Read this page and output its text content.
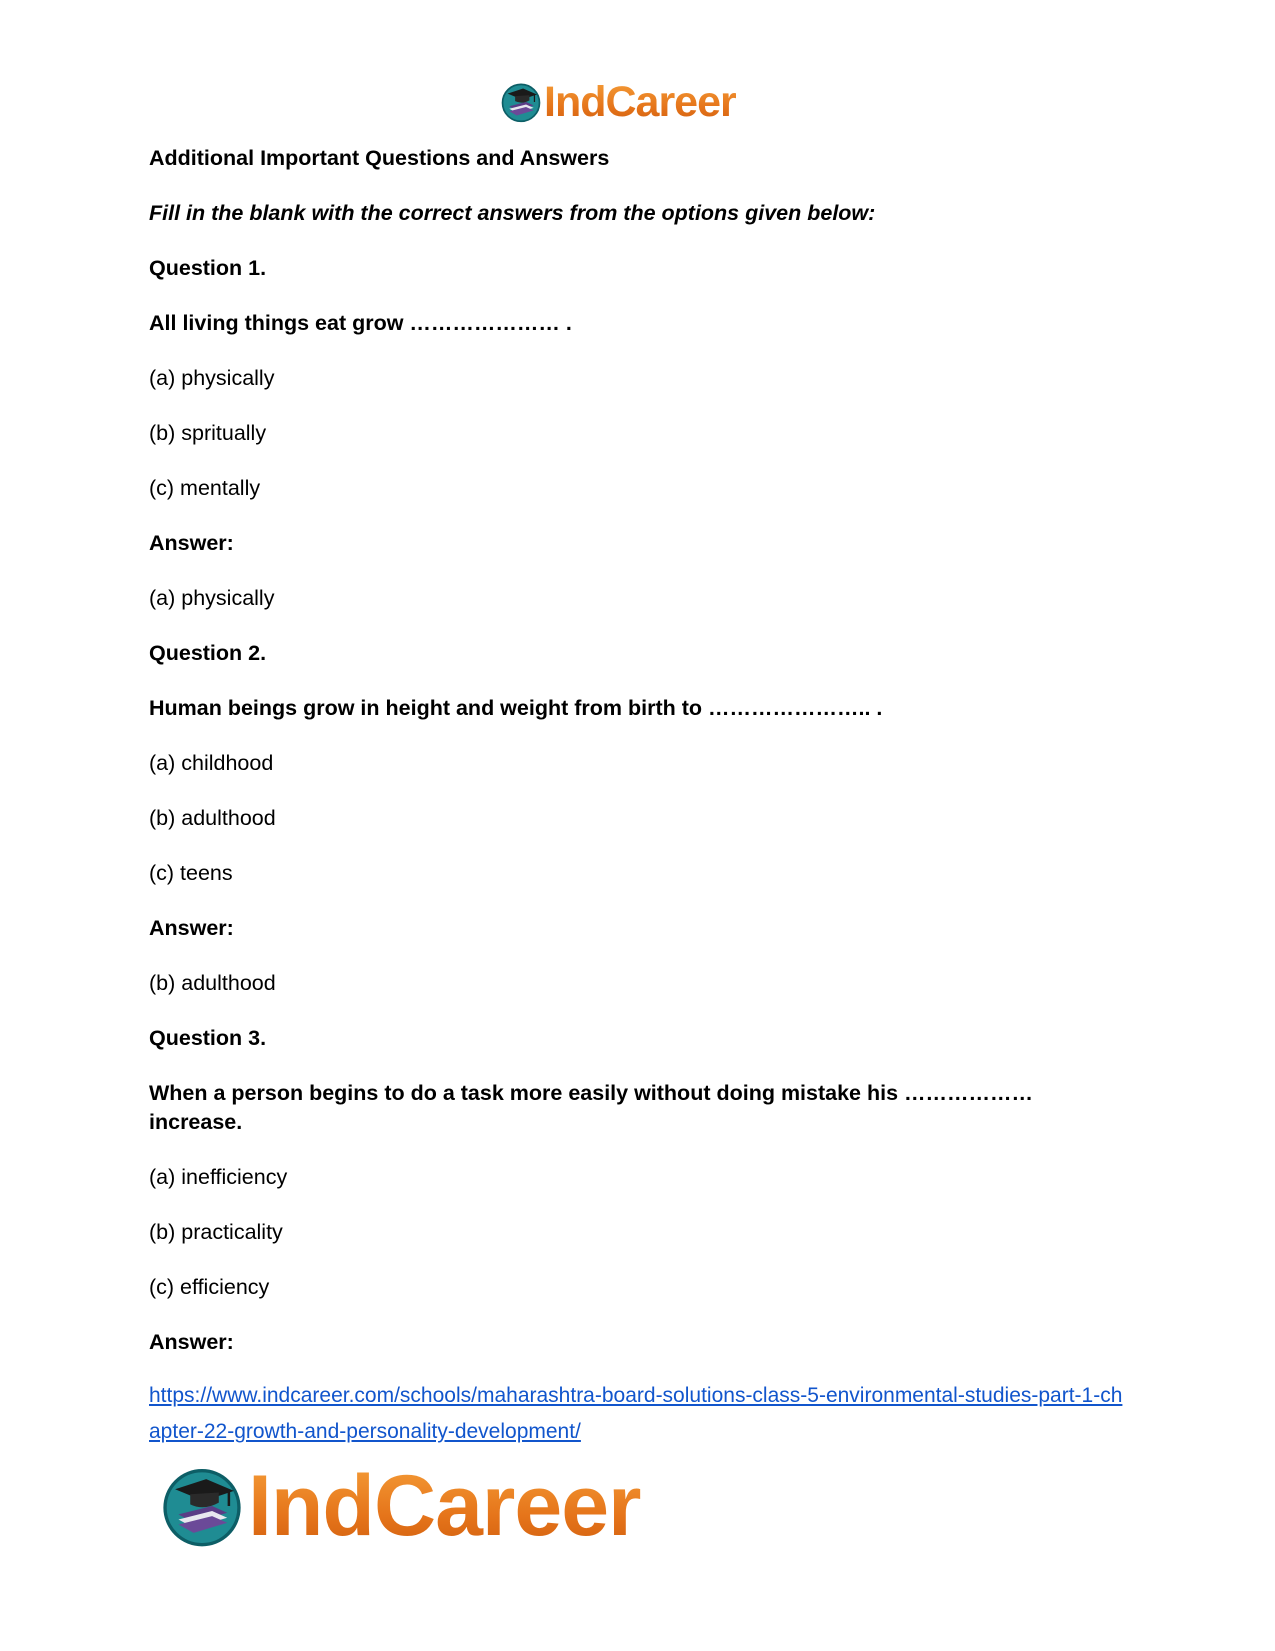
IndCareer

Additional Important Questions and Answers

Fill in the blank with the correct answers from the options given below:

Question 1.

All living things eat grow ………………… .

(a) physically

(b) spritually

(c) mentally

Answer:

(a) physically

Question 2.

Human beings grow in height and weight from birth to ………………….. .

(a) childhood

(b) adulthood

(c) teens

Answer:

(b) adulthood

Question 3.

When a person begins to do a task more easily without doing mistake his ……………… increase.

(a) inefficiency

(b) practicality

(c) efficiency

Answer:

https://www.indcareer.com/schools/maharashtra-board-solutions-class-5-environmental-studies-part-1-chapter-22-growth-and-personality-development/
IndCareer
